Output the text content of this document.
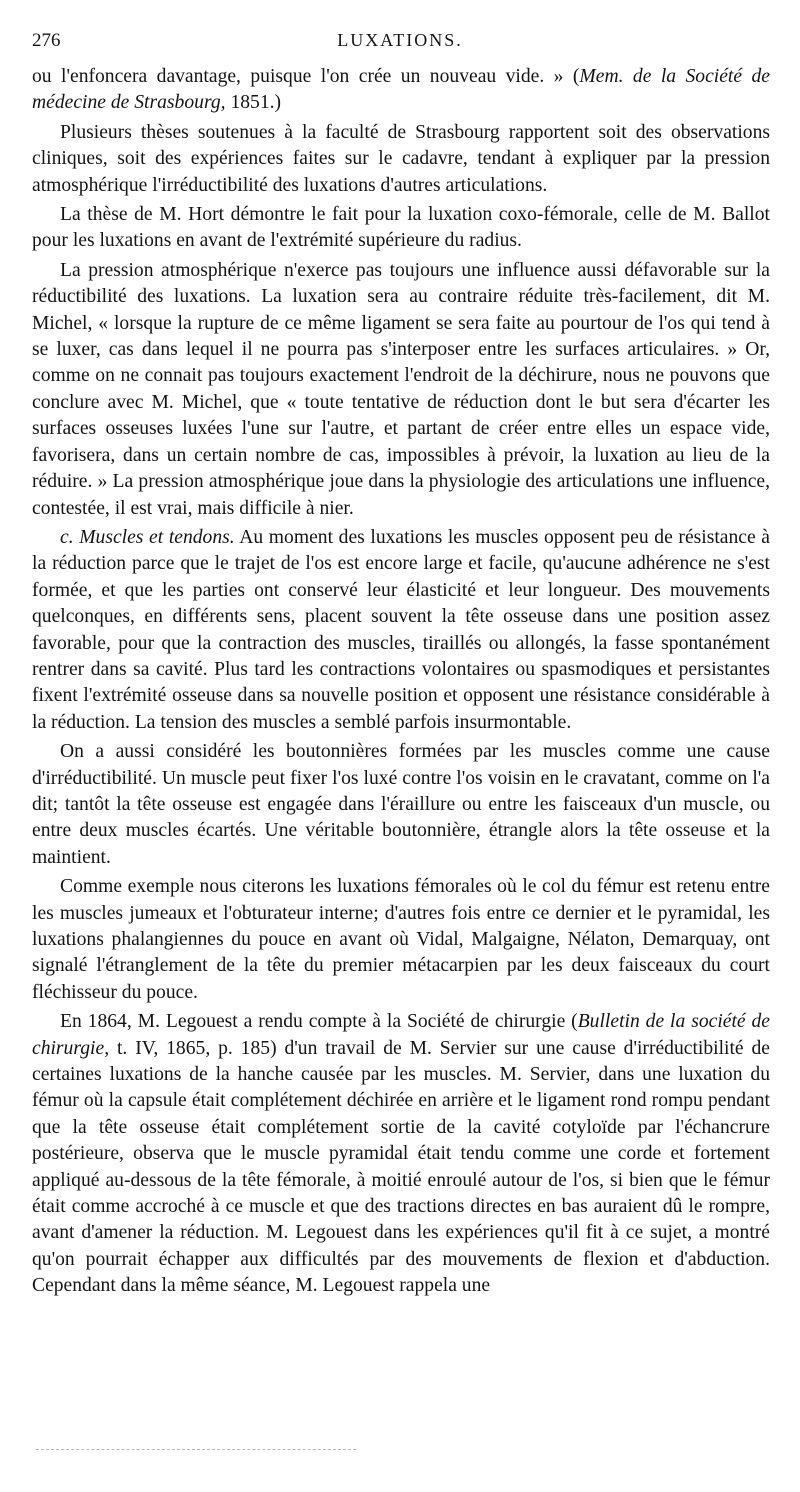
276	LUXATIONS.

ou l'enfoncera davantage, puisque l'on crée un nouveau vide. » (Mem. de la Société de médecine de Strasbourg, 1851.)

Plusieurs thèses soutenues à la faculté de Strasbourg rapportent soit des observations cliniques, soit des expériences faites sur le cadavre, tendant à expliquer par la pression atmosphérique l'irréductibilité des luxations d'autres articulations.

La thèse de M. Hort démontre le fait pour la luxation coxo-fémorale, celle de M. Ballot pour les luxations en avant de l'extrémité supérieure du radius.

La pression atmosphérique n'exerce pas toujours une influence aussi défavorable sur la réductibilité des luxations. La luxation sera au contraire réduite très-facilement, dit M. Michel, « lorsque la rupture de ce même ligament se sera faite au pourtour de l'os qui tend à se luxer, cas dans lequel il ne pourra pas s'interposer entre les surfaces articulaires. » Or, comme on ne connait pas toujours exactement l'endroit de la déchirure, nous ne pouvons que conclure avec M. Michel, que « toute tentative de réduction dont le but sera d'écarter les surfaces osseuses luxées l'une sur l'autre, et partant de créer entre elles un espace vide, favorisera, dans un certain nombre de cas, impossibles à prévoir, la luxation au lieu de la réduire. » La pression atmosphérique joue dans la physiologie des articulations une influence, contestée, il est vrai, mais difficile à nier.

c. Muscles et tendons. Au moment des luxations les muscles opposent peu de résistance à la réduction parce que le trajet de l'os est encore large et facile, qu'aucune adhérence ne s'est formée, et que les parties ont conservé leur élasticité et leur longueur. Des mouvements quelconques, en différents sens, placent souvent la tête osseuse dans une position assez favorable, pour que la contraction des muscles, tiraillés ou allongés, la fasse spontanément rentrer dans sa cavité. Plus tard les contractions volontaires ou spasmodiques et persistantes fixent l'extrémité osseuse dans sa nouvelle position et opposent une résistance considérable à la réduction. La tension des muscles a semblé parfois insurmontable.

On a aussi considéré les boutonnières formées par les muscles comme une cause d'irréductibilité. Un muscle peut fixer l'os luxé contre l'os voisin en le cravatant, comme on l'a dit; tantôt la tête osseuse est engagée dans l'éraillure ou entre les faisceaux d'un muscle, ou entre deux muscles écartés. Une véritable boutonnière, étrangle alors la tête osseuse et la maintient.

Comme exemple nous citerons les luxations fémorales où le col du fémur est retenu entre les muscles jumeaux et l'obturateur interne; d'autres fois entre ce dernier et le pyramidal, les luxations phalangiennes du pouce en avant où Vidal, Malgaigne, Nélaton, Demarquay, ont signalé l'étranglement de la tête du premier métacarpien par les deux faisceaux du court fléchisseur du pouce.

En 1864, M. Legouest a rendu compte à la Société de chirurgie (Bulletin de la société de chirurgie, t. IV, 1865, p. 185) d'un travail de M. Servier sur une cause d'irréductibilité de certaines luxations de la hanche causée par les muscles. M. Servier, dans une luxation du fémur où la capsule était complétement déchirée en arrière et le ligament rond rompu pendant que la tête osseuse était complétement sortie de la cavité cotyloïde par l'échancrure postérieure, observa que le muscle pyramidal était tendu comme une corde et fortement appliqué au-dessous de la tête fémorale, à moitié enroulé autour de l'os, si bien que le fémur était comme accroché à ce muscle et que des tractions directes en bas auraient dû le rompre, avant d'amener la réduction. M. Legouest dans les expériences qu'il fit à ce sujet, a montré qu'on pourrait échapper aux difficultés par des mouvements de flexion et d'abduction. Cependant dans la même séance, M. Legouest rappela une
